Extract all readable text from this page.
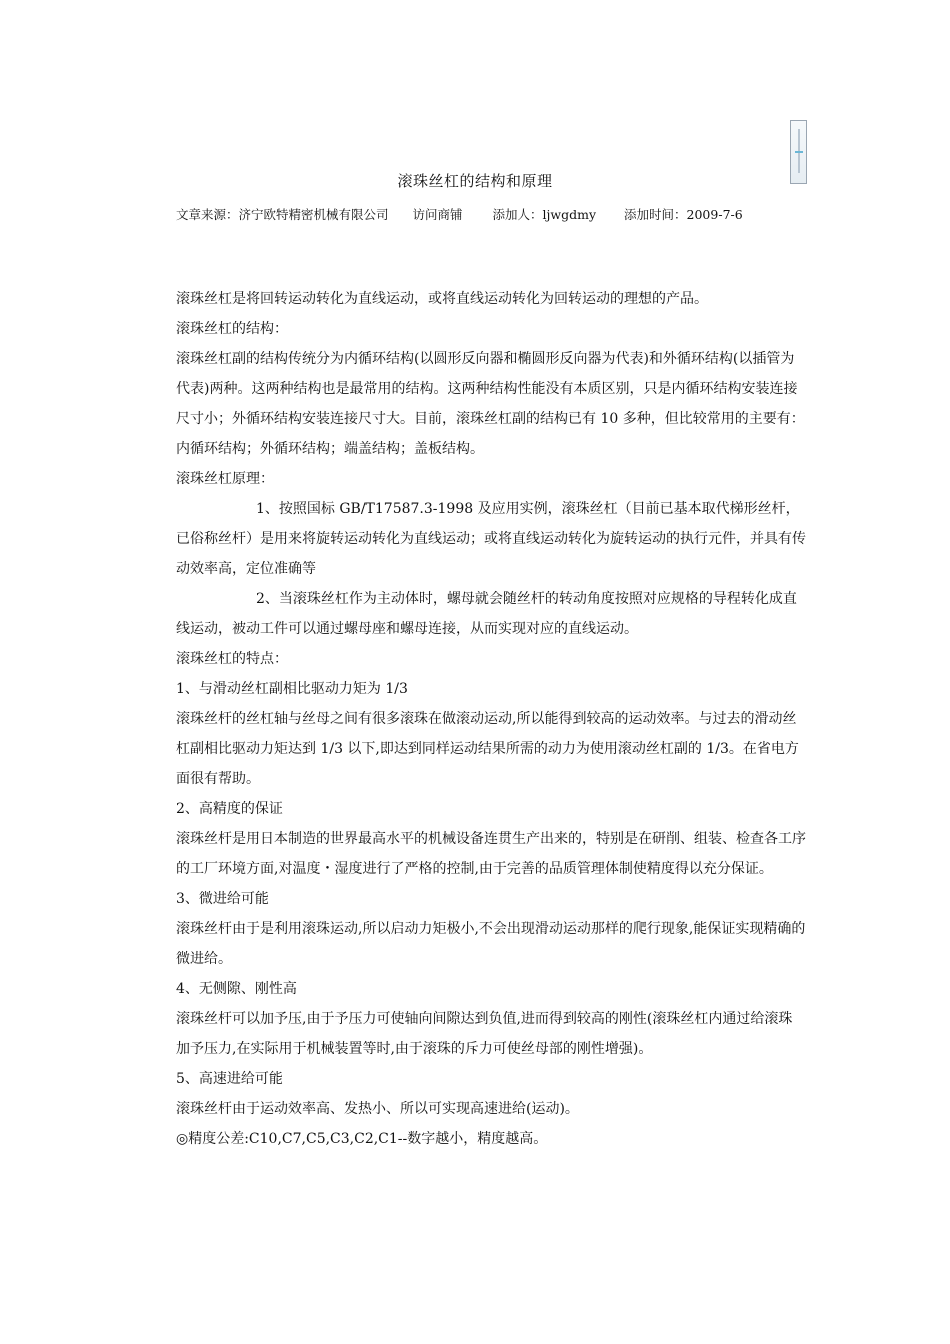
滚珠丝杠的结构和原理
文章来源：济宁欧特精密机械有限公司 访问商铺 添加人：ljwgdmy 添加时间：2009-7-6

滚珠丝杠是将回转运动转化为直线运动，或将直线运动转化为回转运动的理想的产品。

滚珠丝杠的结构：

滚珠丝杠副的结构传统分为内循环结构(以圆形反向器和椭圆形反向器为代表)和外循环结构(以插管为代表)两种。这两种结构也是最常用的结构。这两种结构性能没有本质区别，只是内循环结构安装连接尺寸小；外循环结构安装连接尺寸大。目前，滚珠丝杠副的结构已有 10 多种，但比较常用的主要有：内循环结构；外循环结构；端盖结构；盖板结构。

滚珠丝杠原理：

1、按照国标 GB/T17587.3-1998 及应用实例，滚珠丝杠（目前已基本取代梯形丝杆，已俗称丝杆）是用来将旋转运动转化为直线运动；或将直线运动转化为旋转运动的执行元件，并具有传动效率高，定位准确等

2、当滚珠丝杠作为主动体时，螺母就会随丝杆的转动角度按照对应规格的导程转化成直线运动，被动工件可以通过螺母座和螺母连接，从而实现对应的直线运动。

滚珠丝杠的特点：

1、与滑动丝杠副相比驱动力矩为 1/3

滚珠丝杆的丝杠轴与丝母之间有很多滚珠在做滚动运动,所以能得到较高的运动效率。与过去的滑动丝杠副相比驱动力矩达到 1/3 以下,即达到同样运动结果所需的动力为使用滚动丝杠副的 1/3。在省电方面很有帮助。

2、高精度的保证

滚珠丝杆是用日本制造的世界最高水平的机械设备连贯生产出来的，特别是在研削、组装、检查各工序的工厂环境方面,对温度・湿度进行了严格的控制,由于完善的品质管理体制使精度得以充分保证。

3、微进给可能

滚珠丝杆由于是利用滚珠运动,所以启动力矩极小,不会出现滑动运动那样的爬行现象,能保证实现精确的微进给。

4、无侧隙、刚性高

滚珠丝杆可以加予压,由于予压力可使轴向间隙达到负值,进而得到较高的刚性(滚珠丝杠内通过给滚珠加予压力,在实际用于机械装置等时,由于滚珠的斥力可使丝母部的刚性增强)。

5、高速进给可能

滚珠丝杆由于运动效率高、发热小、所以可实现高速进给(运动)。

◎精度公差:C10,C7,C5,C3,C2,C1--数字越小，精度越高。
